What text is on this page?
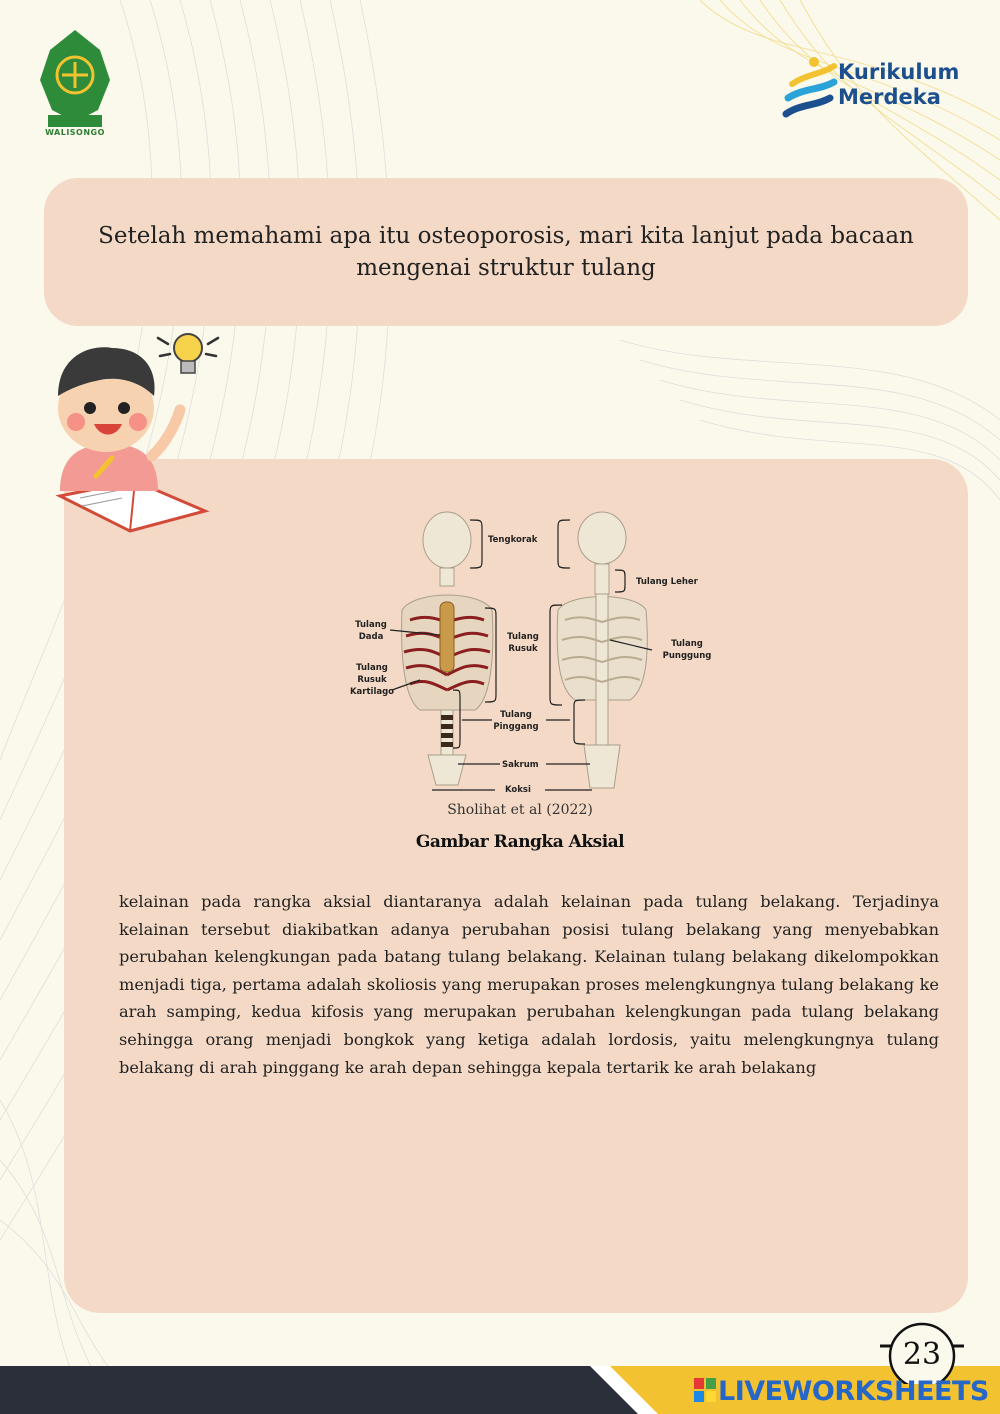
WALISONGO
Kurikulum
Merdeka
Setelah memahami apa itu osteoporosis, mari kita lanjut pada bacaan mengenai struktur tulang
Tengkorak
Tulang Leher
Tulang
Dada	Tulang
Rusuk	Tulang
Punggung
Tulang
Rusuk
Kartilago
Tulang
Pinggang
Sakrum
Koksi
Sholihat et al (2022)
Gambar Rangka Aksial
kelainan pada rangka aksial diantaranya adalah kelainan pada tulang belakang. Terjadinya kelainan tersebut diakibatkan adanya perubahan posisi tulang belakang yang menyebabkan perubahan kelengkungan pada batang tulang belakang. Kelainan tulang belakang dikelompokkan menjadi tiga, pertama adalah skoliosis yang merupakan proses melengkungnya tulang belakang ke arah samping, kedua kifosis yang merupakan perubahan kelengkungan pada tulang belakang sehingga orang menjadi bongkok yang ketiga adalah lordosis, yaitu melengkungnya tulang belakang di arah pinggang ke arah depan sehingga kepala tertarik ke arah belakang
23
LIVEWORKSHEETS
